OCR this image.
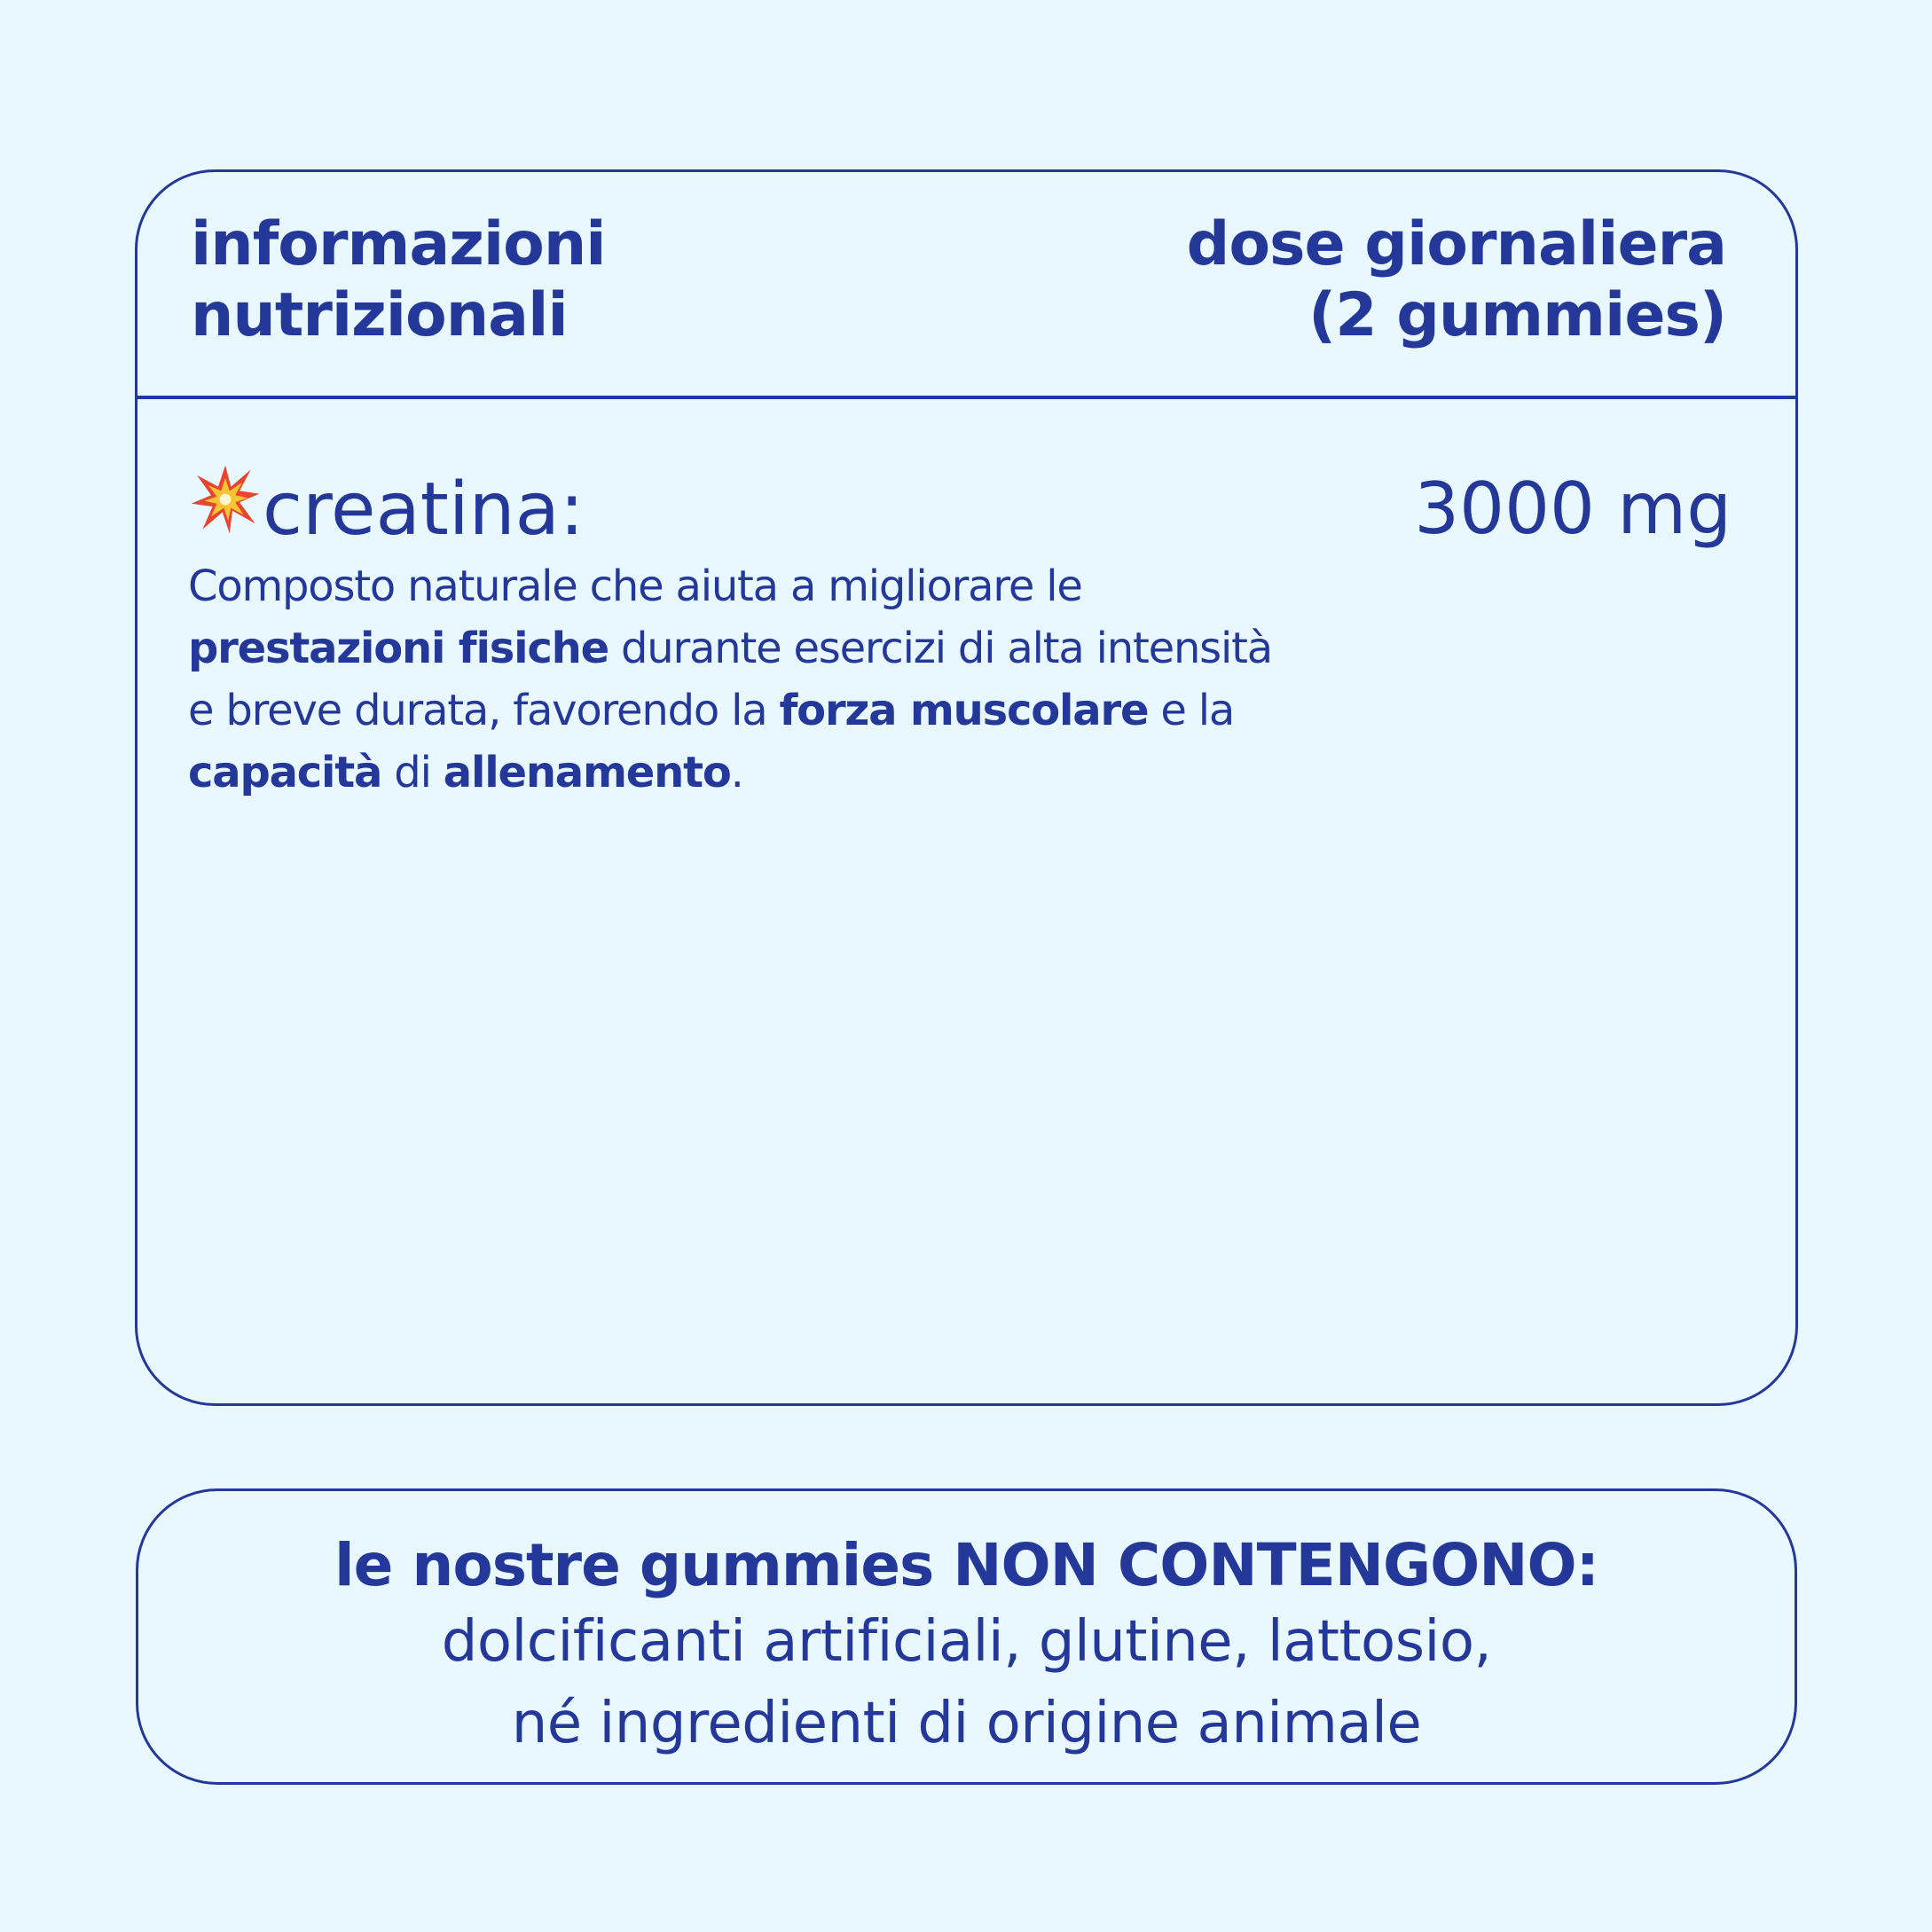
informazioni
nutrizionali
dose giornaliera
(2 gummies)
creatina:	3000 mg

Composto naturale che aiuta a migliorare le prestazioni fisiche durante esercizi di alta intensità e breve durata, favorendo la forza muscolare e la capacità di allenamento.

le nostre gummies NON CONTENGONO:
dolcificanti artificiali, glutine, lattosio,
né ingredienti di origine animale
